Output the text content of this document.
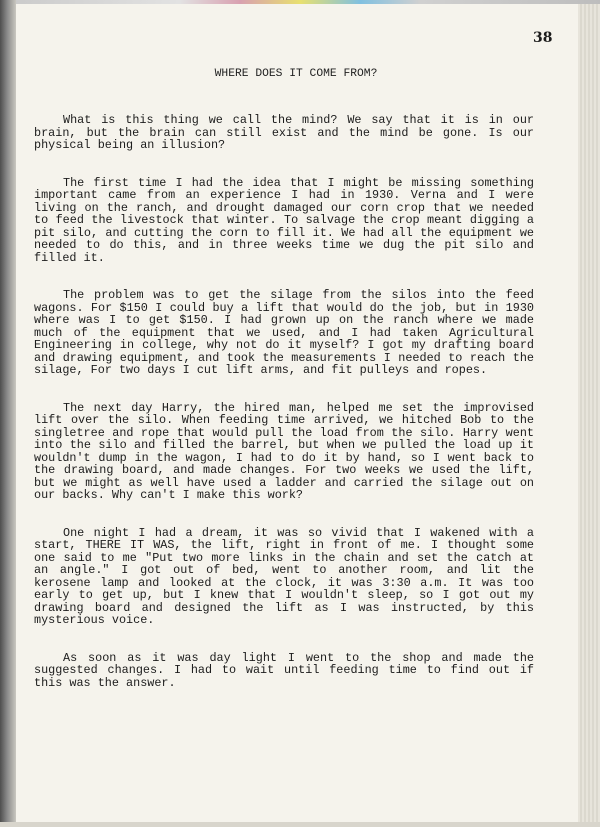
38
WHERE DOES IT COME FROM?

What is this thing we call the mind? We say that it is in our brain, but the brain can still exist and the mind be gone. Is our physical being an illusion?

The first time I had the idea that I might be missing something important came from an experience I had in 1930. Verna and I were living on the ranch, and drought damaged our corn crop that we needed to feed the livestock that winter. To salvage the crop meant digging a pit silo, and cutting the corn to fill it. We had all the equipment we needed to do this, and in three weeks time we dug the pit silo and filled it.

The problem was to get the silage from the silos into the feed wagons. For $150 I could buy a lift that would do the job, but in 1930 where was I to get $150. I had grown up on the ranch where we made much of the equipment that we used, and I had taken Agricultural Engineering in college, why not do it myself? I got my drafting board and drawing equipment, and took the measurements I needed to reach the silage, For two days I cut lift arms, and fit pulleys and ropes.

The next day Harry, the hired man, helped me set the improvised lift over the silo. When feeding time arrived, we hitched Bob to the singletree and rope that would pull the load from the silo. Harry went into the silo and filled the barrel, but when we pulled the load up it wouldn't dump in the wagon, I had to do it by hand, so I went back to the drawing board, and made changes. For two weeks we used the lift, but we might as well have used a ladder and carried the silage out on our backs. Why can't I make this work?

One night I had a dream, it was so vivid that I wakened with a start, THERE IT WAS, the lift, right in front of me. I thought some one said to me "Put two more links in the chain and set the catch at an angle." I got out of bed, went to another room, and lit the kerosene lamp and looked at the clock, it was 3:30 a.m. It was too early to get up, but I knew that I wouldn't sleep, so I got out my drawing board and designed the lift as I was instructed, by this mysterious voice.

As soon as it was day light I went to the shop and made the suggested changes. I had to wait until feeding time to find out if this was the answer.
